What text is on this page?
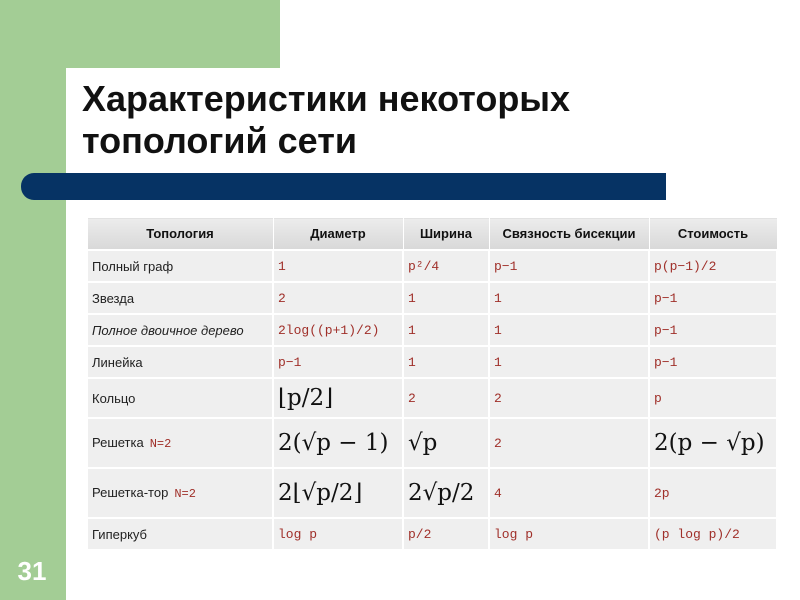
31
Характеристики некоторых
топологий сети
Топология	Диаметр	Ширина	Связность бисекции	Стоимость
Полный граф	1	p²/4	p−1	p(p−1)/2
Звезда	2	1	1	p−1
Полное двоичное дерево	2log((p+1)/2)	1	1	p−1
Линейка	p−1	1	1	p−1
Кольцо	⌊p/2⌋	2	2	p
Решетка N=2	2(√p − 1)	√p	2	2(p − √p)
Решетка-тор N=2	2⌊√p/2⌋	2√p/2	4	2p
Гиперкуб	log p	p/2	log p	(p log p)/2
